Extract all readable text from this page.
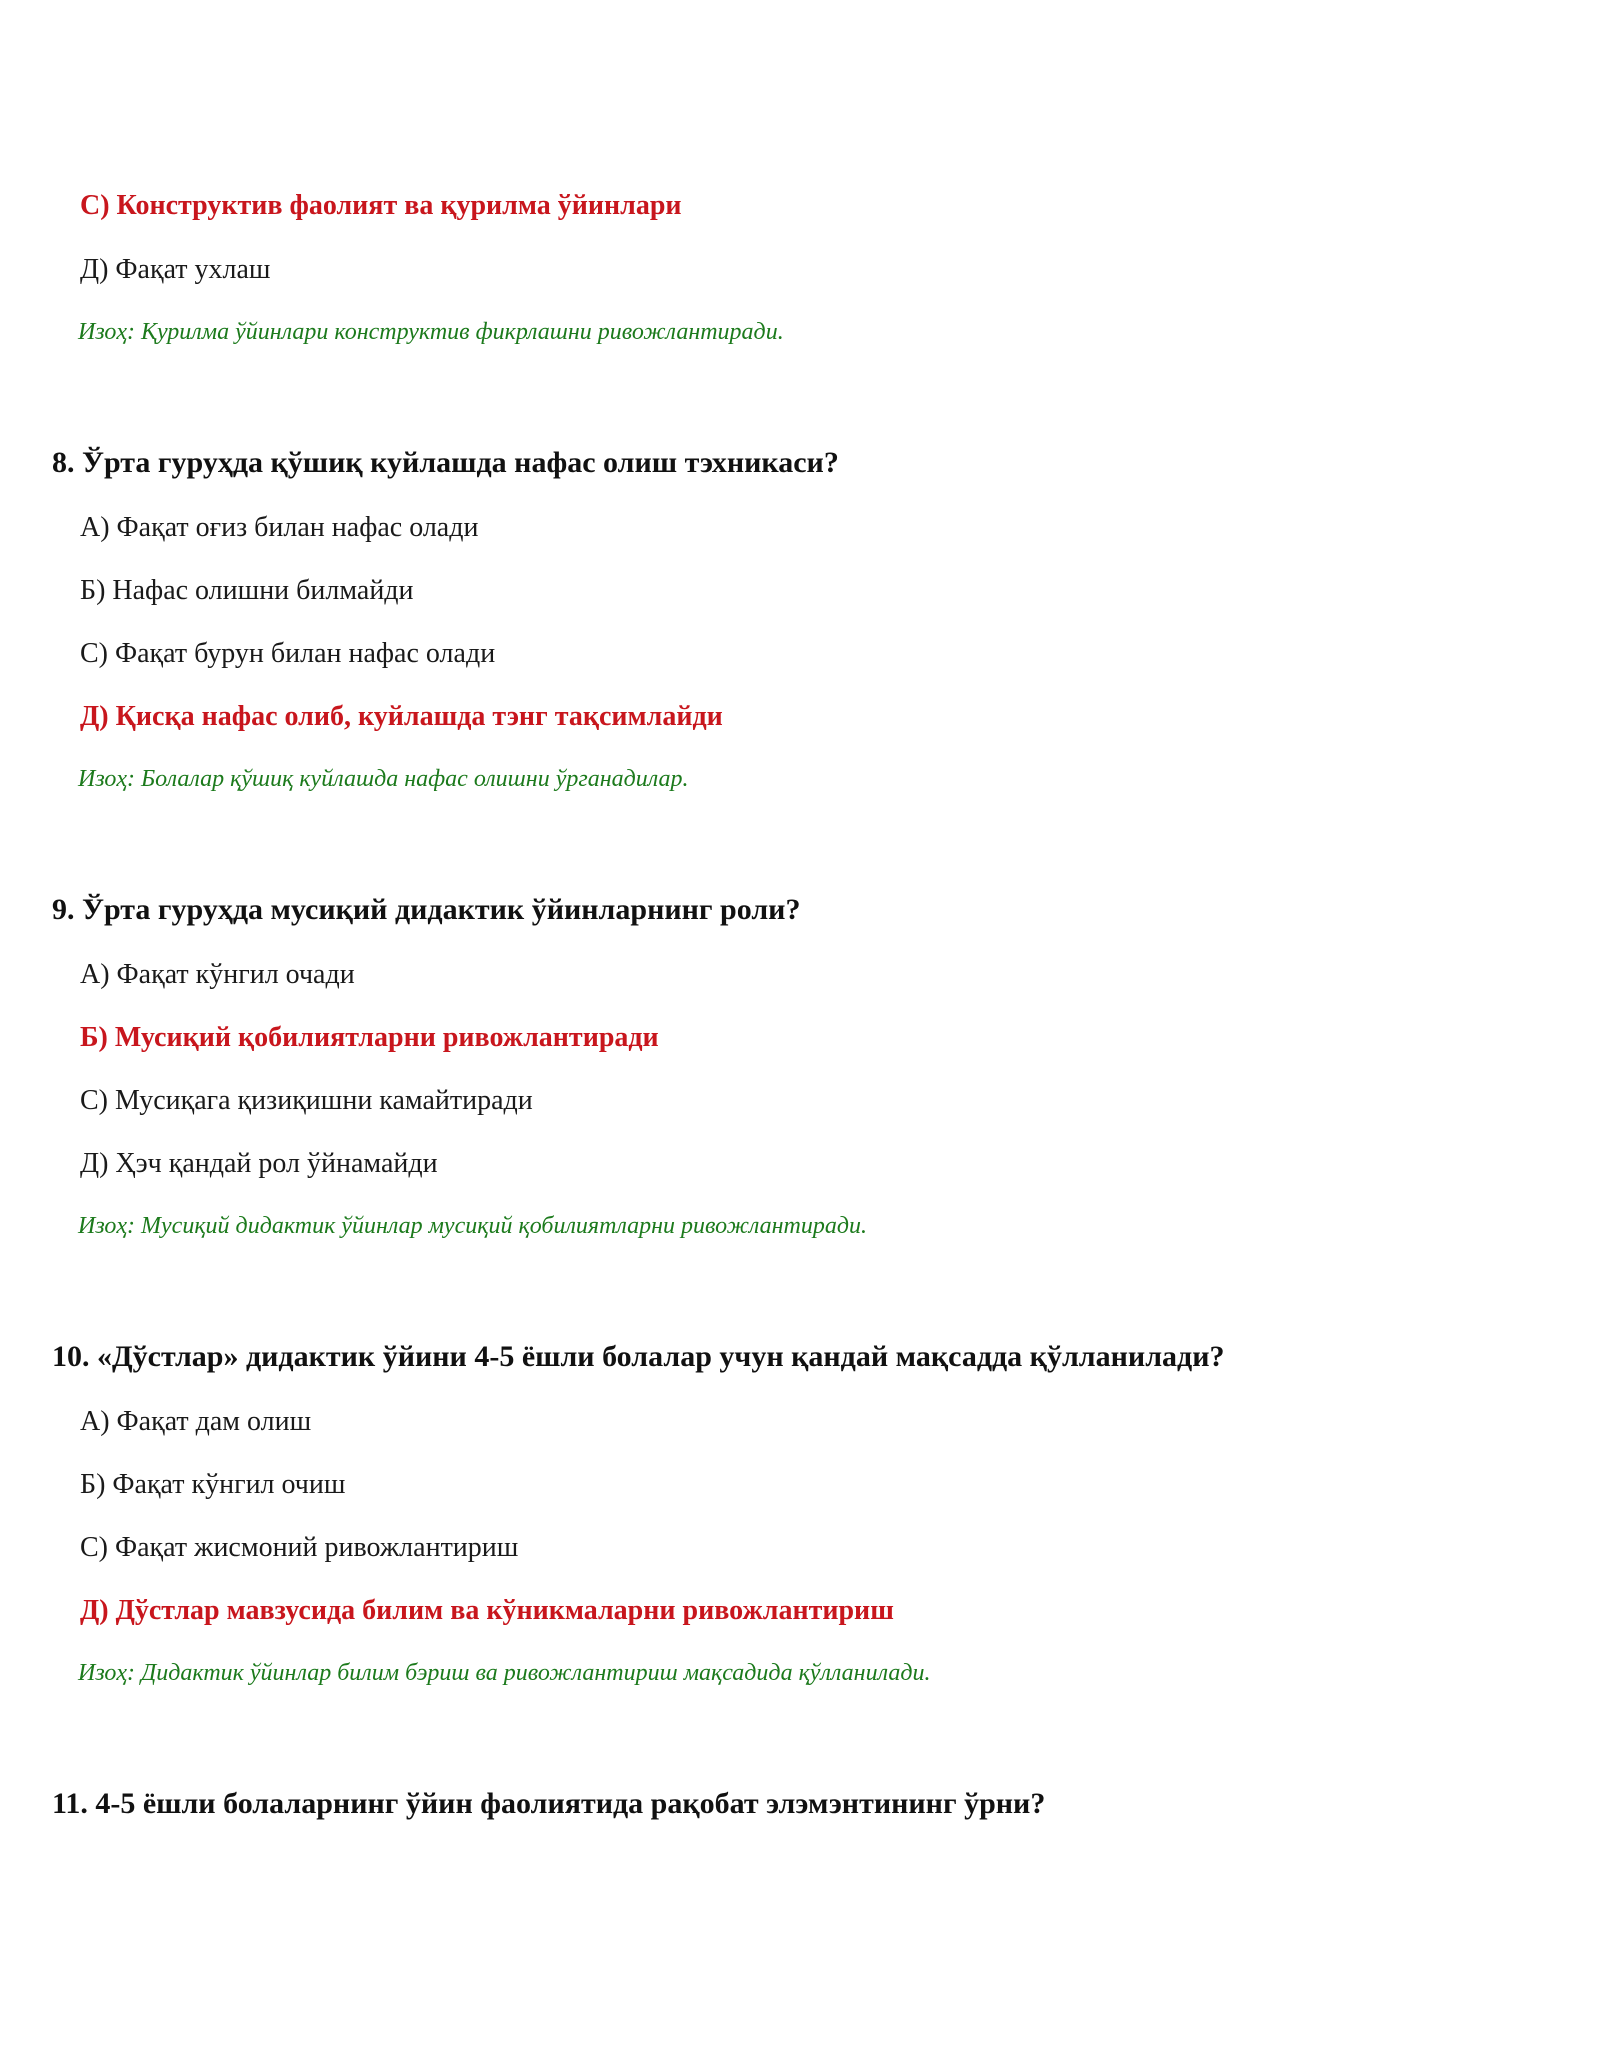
С) Конструктив фаолият ва қурилма ўйинлари
Д) Фақат ухлаш
Изоҳ: Қурилма ўйинлари конструктив фикрлашни ривожлантиради.
8. Ўрта гуруҳда қўшиқ куйлашда нафас олиш тэхникаси?
А) Фақат оғиз билан нафас олади
Б) Нафас олишни билмайди
С) Фақат бурун билан нафас олади
Д) Қисқа нафас олиб, куйлашда тэнг тақсимлайди
Изоҳ: Болалар қўшиқ куйлашда нафас олишни ўрганадилар.
9. Ўрта гуруҳда мусиқий дидактик ўйинларнинг роли?
А) Фақат кўнгил очади
Б) Мусиқий қобилиятларни ривожлантиради
С) Мусиқага қизиқишни камайтиради
Д) Ҳэч қандай рол ўйнамайди
Изоҳ: Мусиқий дидактик ўйинлар мусиқий қобилиятларни ривожлантиради.
10. «Дўстлар» дидактик ўйини 4-5 ёшли болалар учун қандай мақсадда қўлланилади?
А) Фақат дам олиш
Б) Фақат кўнгил очиш
С) Фақат жисмоний ривожлантириш
Д) Дўстлар мавзусида билим ва кўникмаларни ривожлантириш
Изоҳ: Дидактик ўйинлар билим бэриш ва ривожлантириш мақсадида қўлланилади.
11. 4-5 ёшли болаларнинг ўйин фаолиятида рақобат элэмэнтининг ўрни?
